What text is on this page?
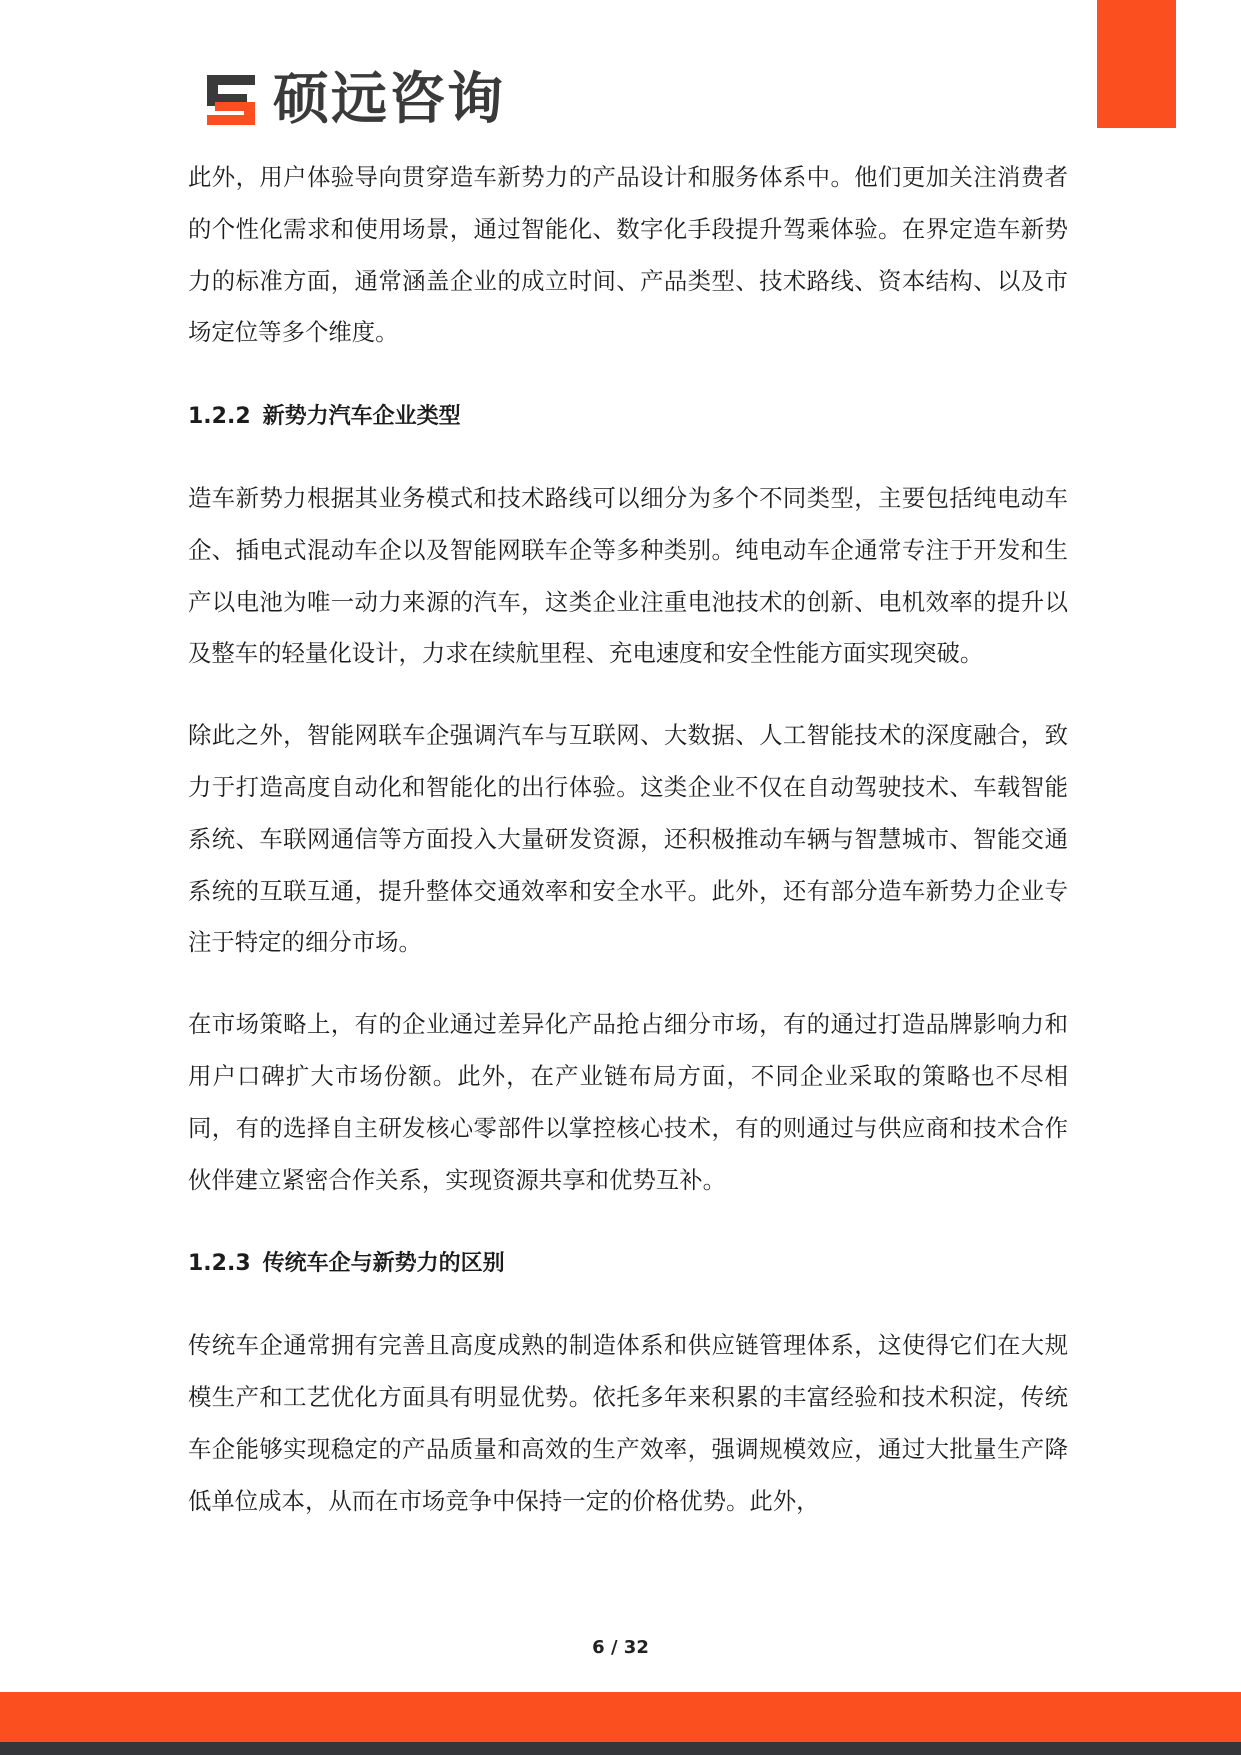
硕远咨询

此外，用户体验导向贯穿造车新势力的产品设计和服务体系中。他们更加关注消费者的个性化需求和使用场景，通过智能化、数字化手段提升驾乘体验。在界定造车新势力的标准方面，通常涵盖企业的成立时间、产品类型、技术路线、资本结构、以及市场定位等多个维度。

1.2.2 新势力汽车企业类型

造车新势力根据其业务模式和技术路线可以细分为多个不同类型，主要包括纯电动车企、插电式混动车企以及智能网联车企等多种类别。纯电动车企通常专注于开发和生产以电池为唯一动力来源的汽车，这类企业注重电池技术的创新、电机效率的提升以及整车的轻量化设计，力求在续航里程、充电速度和安全性能方面实现突破。

除此之外，智能网联车企强调汽车与互联网、大数据、人工智能技术的深度融合，致力于打造高度自动化和智能化的出行体验。这类企业不仅在自动驾驶技术、车载智能系统、车联网通信等方面投入大量研发资源，还积极推动车辆与智慧城市、智能交通系统的互联互通，提升整体交通效率和安全水平。此外，还有部分造车新势力企业专注于特定的细分市场。

在市场策略上，有的企业通过差异化产品抢占细分市场，有的通过打造品牌影响力和用户口碑扩大市场份额。此外，在产业链布局方面，不同企业采取的策略也不尽相同，有的选择自主研发核心零部件以掌控核心技术，有的则通过与供应商和技术合作伙伴建立紧密合作关系，实现资源共享和优势互补。

1.2.3 传统车企与新势力的区别

传统车企通常拥有完善且高度成熟的制造体系和供应链管理体系，这使得它们在大规模生产和工艺优化方面具有明显优势。依托多年来积累的丰富经验和技术积淀，传统车企能够实现稳定的产品质量和高效的生产效率，强调规模效应，通过大批量生产降低单位成本，从而在市场竞争中保持一定的价格优势。此外，

6 / 32
